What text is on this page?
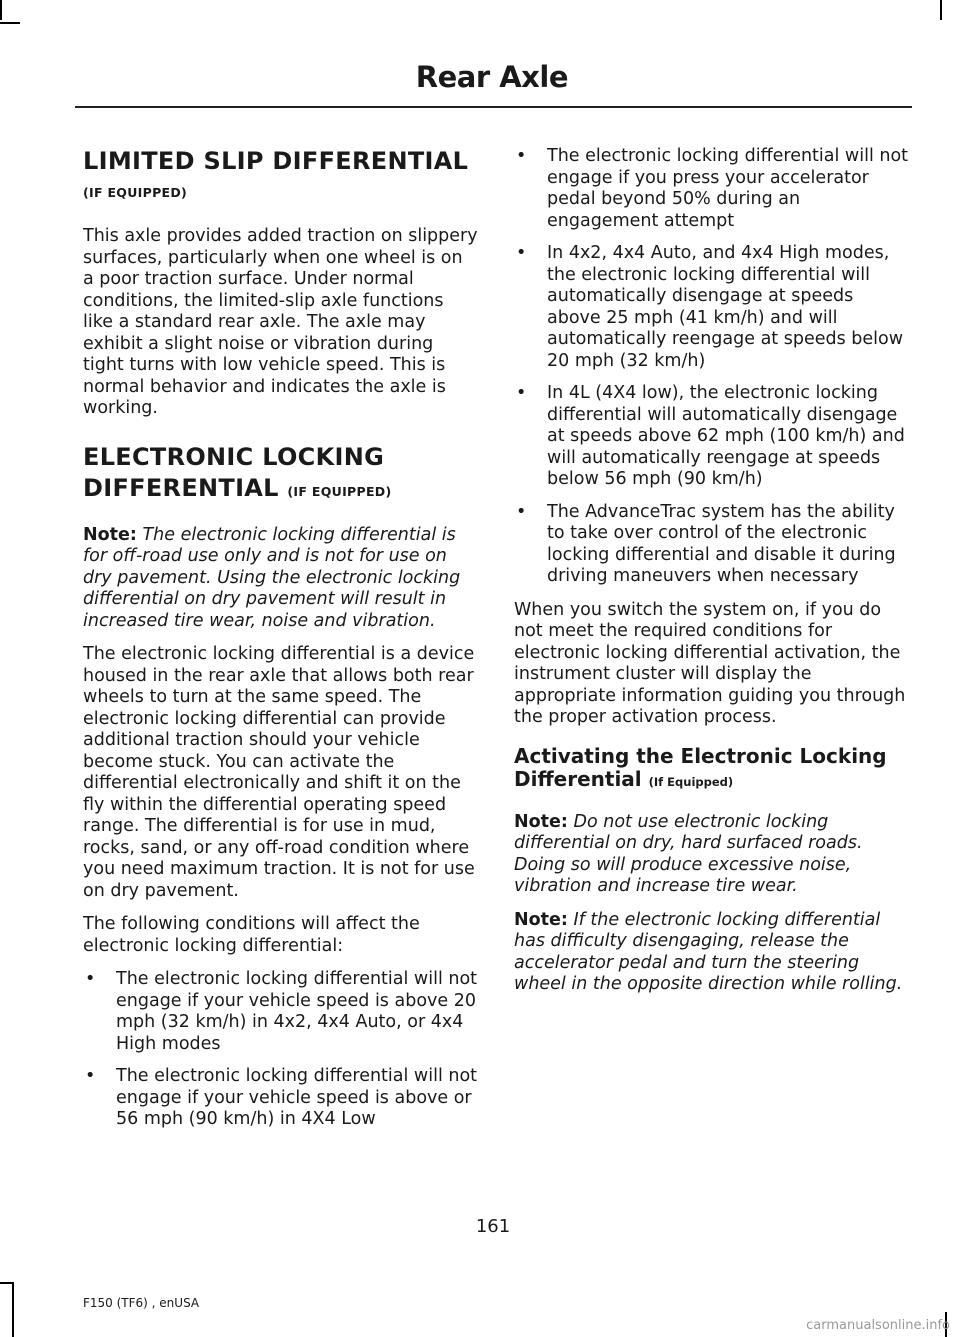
Rear Axle
LIMITED SLIP DIFFERENTIAL
(IF EQUIPPED)

This axle provides added traction on slippery surfaces, particularly when one wheel is on a poor traction surface. Under normal conditions, the limited-slip axle functions like a standard rear axle. The axle may exhibit a slight noise or vibration during tight turns with low vehicle speed. This is normal behavior and indicates the axle is working.

ELECTRONIC LOCKING
DIFFERENTIAL (IF EQUIPPED)

Note: The electronic locking differential is for off-road use only and is not for use on dry pavement. Using the electronic locking differential on dry pavement will result in increased tire wear, noise and vibration.

The electronic locking differential is a device housed in the rear axle that allows both rear wheels to turn at the same speed. The electronic locking differential can provide additional traction should your vehicle become stuck. You can activate the differential electronically and shift it on the fly within the differential operating speed range. The differential is for use in mud, rocks, sand, or any off-road condition where you need maximum traction. It is not for use on dry pavement.

The following conditions will affect the electronic locking differential:

• The electronic locking differential will not engage if your vehicle speed is above 20 mph (32 km/h) in 4x2, 4x4 Auto, or 4x4 High modes
• The electronic locking differential will not engage if your vehicle speed is above or 56 mph (90 km/h) in 4X4 Low
• The electronic locking differential will not engage if you press your accelerator pedal beyond 50% during an engagement attempt
• In 4x2, 4x4 Auto, and 4x4 High modes, the electronic locking differential will automatically disengage at speeds above 25 mph (41 km/h) and will automatically reengage at speeds below 20 mph (32 km/h)
• In 4L (4X4 low), the electronic locking differential will automatically disengage at speeds above 62 mph (100 km/h) and will automatically reengage at speeds below 56 mph (90 km/h)
• The AdvanceTrac system has the ability to take over control of the electronic locking differential and disable it during driving maneuvers when necessary

When you switch the system on, if you do not meet the required conditions for electronic locking differential activation, the instrument cluster will display the appropriate information guiding you through the proper activation process.

Activating the Electronic Locking Differential (If Equipped)

Note: Do not use electronic locking differential on dry, hard surfaced roads. Doing so will produce excessive noise, vibration and increase tire wear.

Note: If the electronic locking differential has difficulty disengaging, release the accelerator pedal and turn the steering wheel in the opposite direction while rolling.

161
F150 (TF6) , enUSA
carmanualsonline.info
